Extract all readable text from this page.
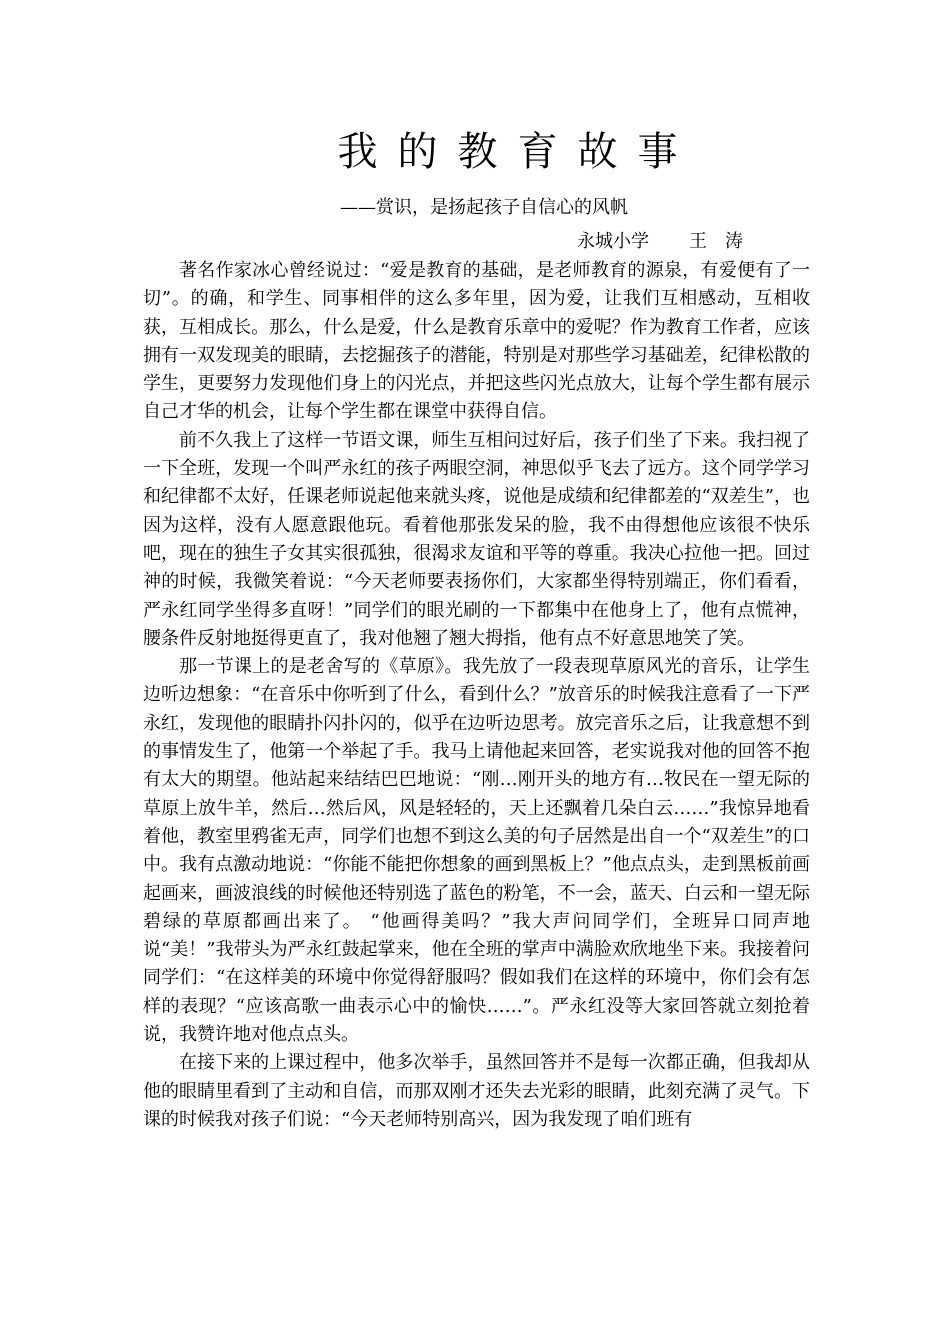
我的教育故事
——赏识，是扬起孩子自信心的风帆
永城小学 王涛

著名作家冰心曾经说过：“爱是教育的基础，是老师教育的源泉，有爱便有了一切”。的确，和学生、同事相伴的这么多年里，因为爱，让我们互相感动，互相收获，互相成长。那么，什么是爱，什么是教育乐章中的爱呢？作为教育工作者，应该拥有一双发现美的眼睛，去挖掘孩子的潜能，特别是对那些学习基础差，纪律松散的学生，更要努力发现他们身上的闪光点，并把这些闪光点放大，让每个学生都有展示自己才华的机会，让每个学生都在课堂中获得自信。

前不久我上了这样一节语文课，师生互相问过好后，孩子们坐了下来。我扫视了一下全班，发现一个叫严永红的孩子两眼空洞，神思似乎飞去了远方。这个同学学习和纪律都不太好，任课老师说起他来就头疼，说他是成绩和纪律都差的“双差生”，也因为这样，没有人愿意跟他玩。看着他那张发呆的脸，我不由得想他应该很不快乐吧，现在的独生子女其实很孤独，很渴求友谊和平等的尊重。我决心拉他一把。回过神的时候，我微笑着说：“今天老师要表扬你们，大家都坐得特别端正，你们看看，严永红同学坐得多直呀！”同学们的眼光刷的一下都集中在他身上了，他有点慌神，腰条件反射地挺得更直了，我对他翘了翘大拇指，他有点不好意思地笑了笑。

那一节课上的是老舍写的《草原》。我先放了一段表现草原风光的音乐，让学生边听边想象：“在音乐中你听到了什么，看到什么？”放音乐的时候我注意看了一下严永红，发现他的眼睛扑闪扑闪的，似乎在边听边思考。放完音乐之后，让我意想不到的事情发生了，他第一个举起了手。我马上请他起来回答，老实说我对他的回答不抱有太大的期望。他站起来结结巴巴地说：“刚…刚开头的地方有…牧民在一望无际的草原上放牛羊，然后…然后风，风是轻轻的，天上还飘着几朵白云……”我惊异地看着他，教室里鸦雀无声，同学们也想不到这么美的句子居然是出自一个“双差生”的口中。我有点激动地说：“你能不能把你想象的画到黑板上？”他点点头，走到黑板前画起画来，画波浪线的时候他还特别选了蓝色的粉笔，不一会，蓝天、白云和一望无际碧绿的草原都画出来了。 “他画得美吗？”我大声问同学们，全班异口同声地说“美！”我带头为严永红鼓起掌来，他在全班的掌声中满脸欢欣地坐下来。我接着问同学们：“在这样美的环境中你觉得舒服吗？假如我们在这样的环境中，你们会有怎样的表现？“应该高歌一曲表示心中的愉快……”。严永红没等大家回答就立刻抢着说，我赞许地对他点点头。

在接下来的上课过程中，他多次举手，虽然回答并不是每一次都正确，但我却从他的眼睛里看到了主动和自信，而那双刚才还失去光彩的眼睛，此刻充满了灵气。下课的时候我对孩子们说：“今天老师特别高兴，因为我发现了咱们班有
